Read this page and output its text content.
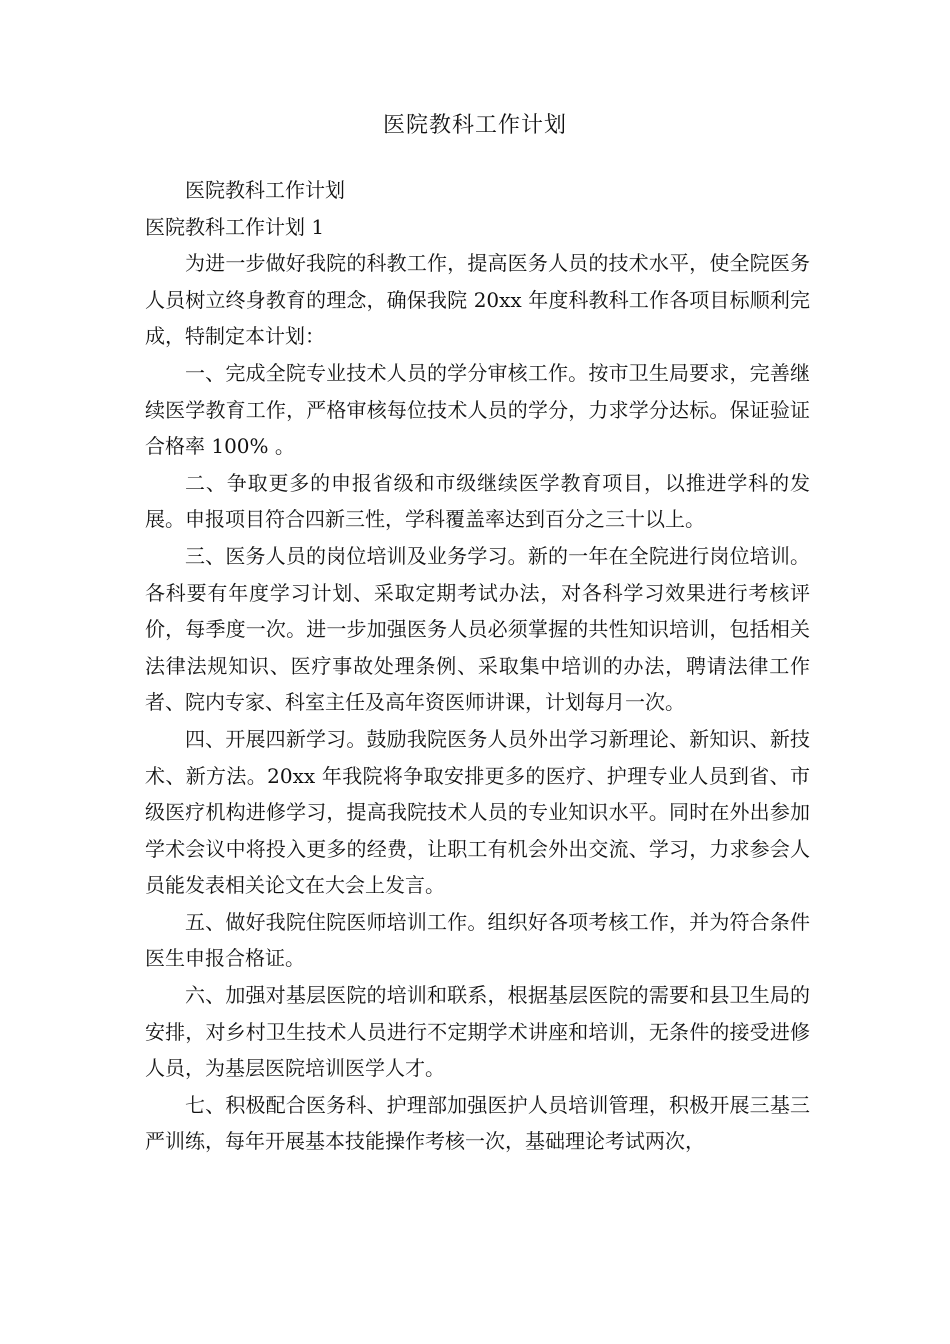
医院教科工作计划

医院教科工作计划

医院教科工作计划 1

为进一步做好我院的科教工作，提高医务人员的技术水平，使全院医务人员树立终身教育的理念，确保我院 20xx 年度科教科工作各项目标顺利完成，特制定本计划：

一、完成全院专业技术人员的学分审核工作。按市卫生局要求，完善继续医学教育工作，严格审核每位技术人员的学分，力求学分达标。保证验证合格率 100% 。

二、争取更多的申报省级和市级继续医学教育项目，以推进学科的发展。申报项目符合四新三性，学科覆盖率达到百分之三十以上。

三、医务人员的岗位培训及业务学习。新的一年在全院进行岗位培训。各科要有年度学习计划、采取定期考试办法，对各科学习效果进行考核评价，每季度一次。进一步加强医务人员必须掌握的共性知识培训，包括相关法律法规知识、医疗事故处理条例、采取集中培训的办法，聘请法律工作者、院内专家、科室主任及高年资医师讲课，计划每月一次。

四、开展四新学习。鼓励我院医务人员外出学习新理论、新知识、新技术、新方法。20xx 年我院将争取安排更多的医疗、护理专业人员到省、市级医疗机构进修学习，提高我院技术人员的专业知识水平。同时在外出参加学术会议中将投入更多的经费，让职工有机会外出交流、学习，力求参会人员能发表相关论文在大会上发言。

五、做好我院住院医师培训工作。组织好各项考核工作，并为符合条件医生申报合格证。

六、加强对基层医院的培训和联系，根据基层医院的需要和县卫生局的安排，对乡村卫生技术人员进行不定期学术讲座和培训，无条件的接受进修人员，为基层医院培训医学人才。

七、积极配合医务科、护理部加强医护人员培训管理，积极开展三基三严训练，每年开展基本技能操作考核一次，基础理论考试两次，
